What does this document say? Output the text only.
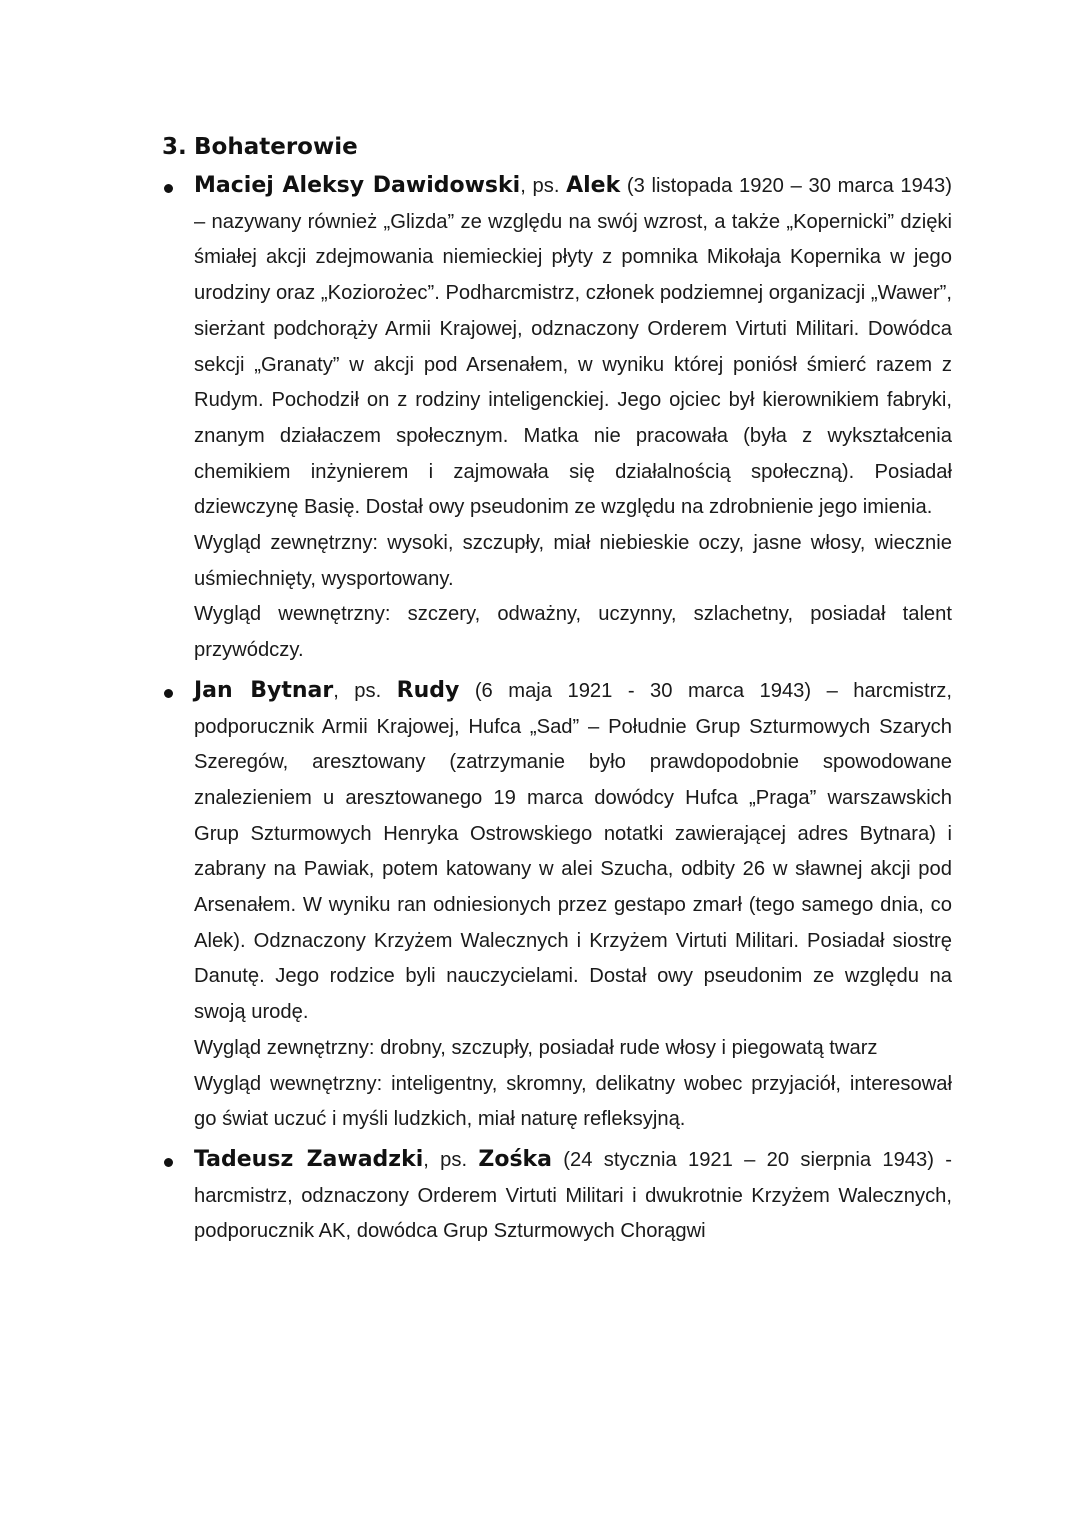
3. Bohaterowie

Maciej Aleksy Dawidowski, ps. Alek (3 listopada 1920 – 30 marca 1943) – nazywany również „Glizda” ze względu na swój wzrost, a także „Kopernicki” dzięki śmiałej akcji zdejmowania niemieckiej płyty z pomnika Mikołaja Kopernika w jego urodziny oraz „Koziorożec”. Podharcmistrz, członek podziemnej organizacji „Wawer”, sierżant podchorąży Armii Krajowej, odznaczony Orderem Virtuti Militari. Dowódca sekcji „Granaty” w akcji pod Arsenałem, w wyniku której poniósł śmierć razem z Rudym. Pochodził on z rodziny inteligenckiej. Jego ojciec był kierownikiem fabryki, znanym działaczem społecznym. Matka nie pracowała (była z wykształcenia chemikiem inżynierem i zajmowała się działalnością społeczną). Posiadał dziewczynę Basię. Dostał owy pseudonim ze względu na zdrobnienie jego imienia.

Wygląd zewnętrzny: wysoki, szczupły, miał niebieskie oczy, jasne włosy, wiecznie uśmiechnięty, wysportowany.

Wygląd wewnętrzny: szczery, odważny, uczynny, szlachetny, posiadał talent przywódczy.

Jan Bytnar, ps. Rudy (6 maja 1921 - 30 marca 1943) – harcmistrz, podporucznik Armii Krajowej, Hufca „Sad” – Południe Grup Szturmowych Szarych Szeregów, aresztowany (zatrzymanie było prawdopodobnie spowodowane znalezieniem u aresztowanego 19 marca dowódcy Hufca „Praga” warszawskich Grup Szturmowych Henryka Ostrowskiego notatki zawierającej adres Bytnara) i zabrany na Pawiak, potem katowany w alei Szucha, odbity 26 w sławnej akcji pod Arsenałem. W wyniku ran odniesionych przez gestapo zmarł (tego samego dnia, co Alek). Odznaczony Krzyżem Walecznych i Krzyżem Virtuti Militari. Posiadał siostrę Danutę. Jego rodzice byli nauczycielami. Dostał owy pseudonim ze względu na swoją urodę.

Wygląd zewnętrzny: drobny, szczupły, posiadał rude włosy i piegowatą twarz

Wygląd wewnętrzny: inteligentny, skromny, delikatny wobec przyjaciół, interesował go świat uczuć i myśli ludzkich, miał naturę refleksyjną.

Tadeusz Zawadzki, ps. Zośka (24 stycznia 1921 – 20 sierpnia 1943) - harcmistrz, odznaczony Orderem Virtuti Militari i dwukrotnie Krzyżem Walecznych, podporucznik AK, dowódca Grup Szturmowych Chorągwi
